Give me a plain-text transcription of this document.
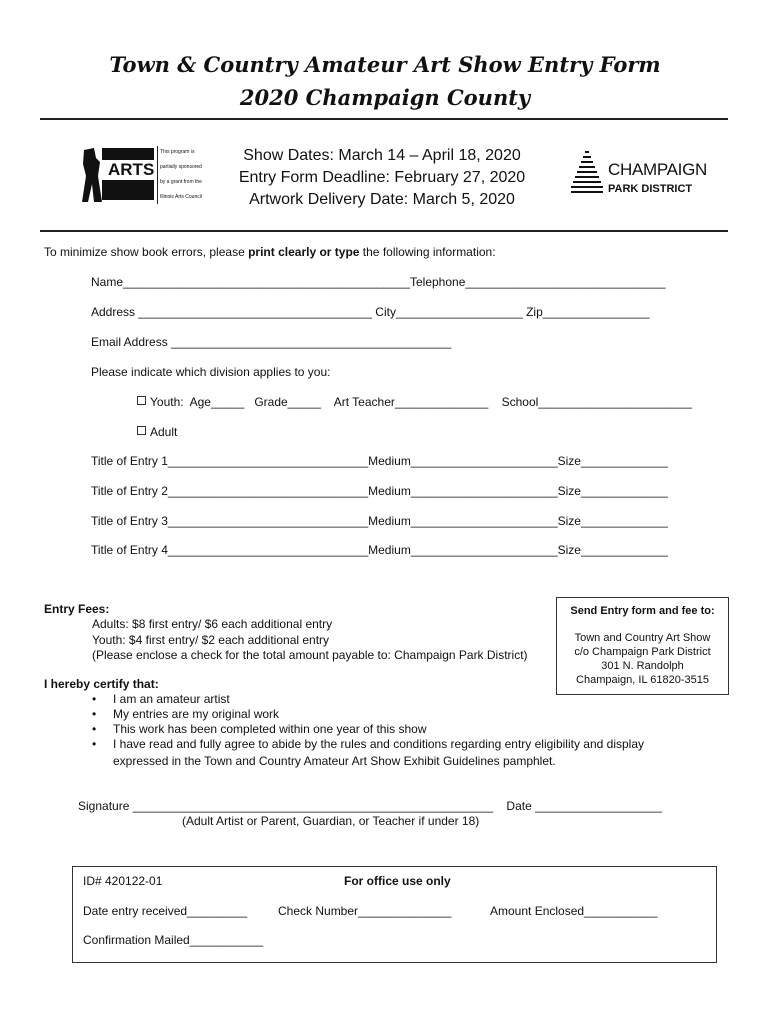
Town & Country Amateur Art Show Entry Form
2020 Champaign County
ARTS
This program is
partially sponsored
by a grant from the
Illinois Arts Council
Show Dates: March 14 – April 18, 2020
Entry Form Deadline: February 27, 2020
Artwork Delivery Date: March 5, 2020
CHAMPAIGN
PARK DISTRICT
To minimize show book errors, please print clearly or type the following information:
Name___________________________________________Telephone______________________________
Address ___________________________________ City___________________ Zip________________
Email Address __________________________________________
Please indicate which division applies to you:
Youth:  Age_____   Grade_____    Art Teacher______________    School_______________________
Adult
Title of Entry 1______________________________Medium______________________Size_____________
Title of Entry 2______________________________Medium______________________Size_____________
Title of Entry 3______________________________Medium______________________Size_____________
Title of Entry 4______________________________Medium______________________Size_____________
Entry Fees:
Adults: $8 first entry/ $6 each additional entry
Youth: $4 first entry/ $2 each additional entry
(Please enclose a check for the total amount payable to: Champaign Park District)
Send Entry form and fee to:
Town and Country Art Show
c/o Champaign Park District
301 N. Randolph
Champaign, IL 61820-3515
I hereby certify that:
• I am an amateur artist
• My entries are my original work
• This work has been completed within one year of this show
• I have read and fully agree to abide by the rules and conditions regarding entry eligibility and display
expressed in the Town and Country Amateur Art Show Exhibit Guidelines pamphlet.
Signature ______________________________________________________    Date ___________________
(Adult Artist or Parent, Guardian, or Teacher if under 18)
ID# 420122-01	For office use only
Date entry received_________	Check Number______________	Amount Enclosed___________
Confirmation Mailed___________
